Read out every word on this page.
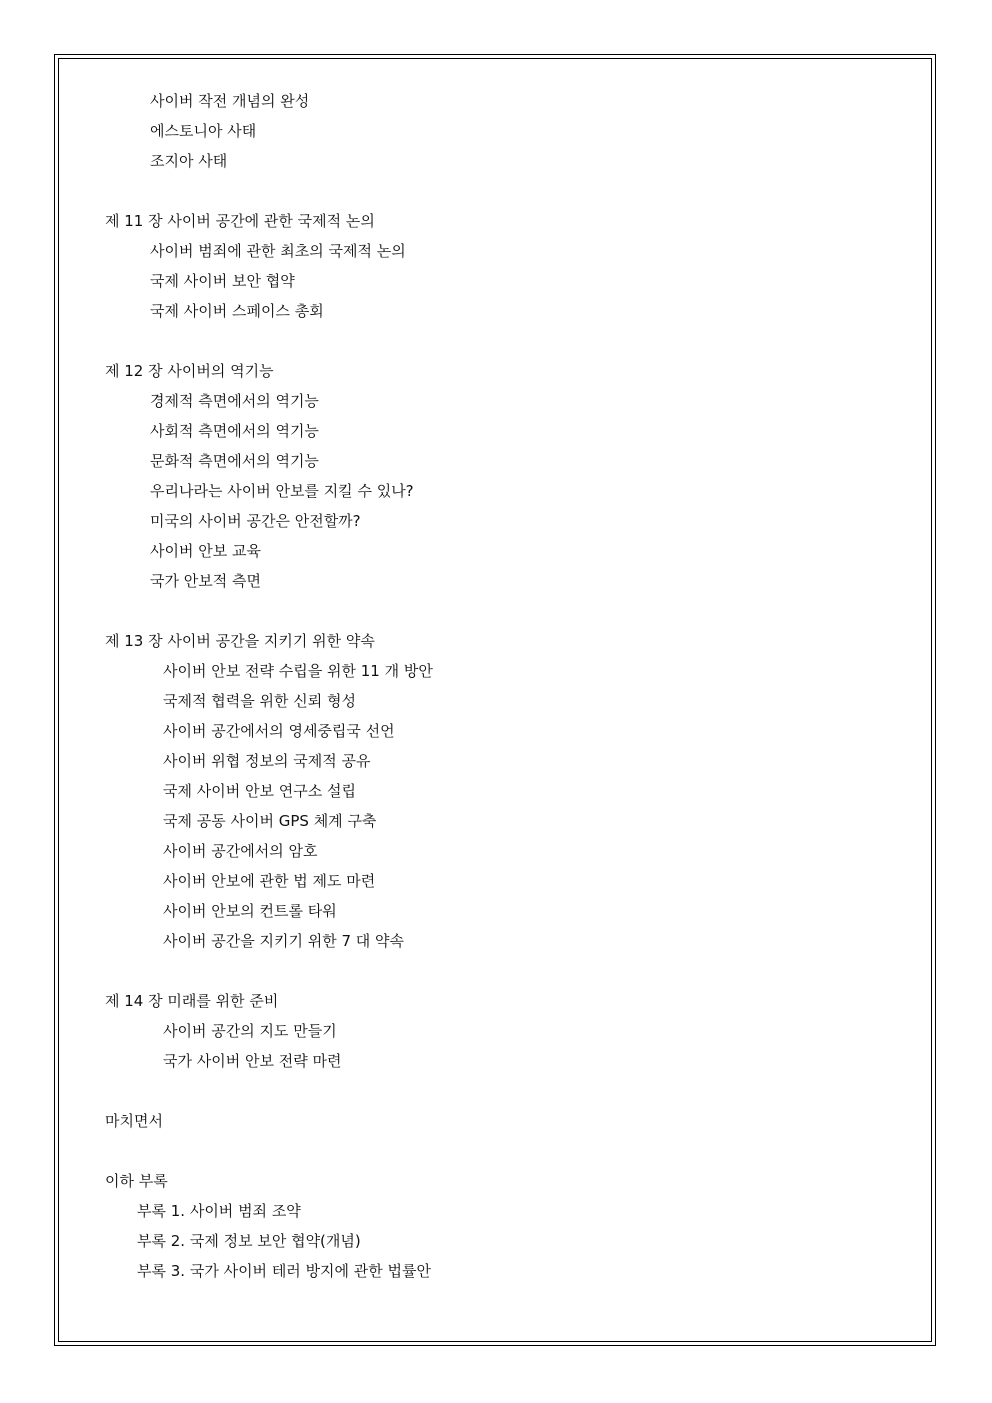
사이버 작전 개념의 완성
에스토니아 사태
조지아 사태
제 11 장 사이버 공간에 관한 국제적 논의
사이버 범죄에 관한 최초의 국제적 논의
국제 사이버 보안 협약
국제 사이버 스페이스 총회
제 12 장 사이버의 역기능
경제적 측면에서의 역기능
사회적 측면에서의 역기능
문화적 측면에서의 역기능
우리나라는 사이버 안보를 지킬 수 있나?
미국의 사이버 공간은 안전할까?
사이버 안보 교육
국가 안보적 측면
제 13 장 사이버 공간을 지키기 위한 약속
사이버 안보 전략 수립을 위한 11 개 방안
국제적 협력을 위한 신뢰 형성
사이버 공간에서의 영세중립국 선언
사이버 위협 정보의 국제적 공유
국제 사이버 안보 연구소 설립
국제 공동 사이버 GPS 체계 구축
사이버 공간에서의 암호
사이버 안보에 관한 법 제도 마련
사이버 안보의 컨트롤 타워
사이버 공간을 지키기 위한 7 대 약속
제 14 장 미래를 위한 준비
사이버 공간의 지도 만들기
국가 사이버 안보 전략 마련
마치면서
이하 부록
부록 1. 사이버 범죄 조약
부록 2. 국제 정보 보안 협약(개념)
부록 3. 국가 사이버 테러 방지에 관한 법률안
